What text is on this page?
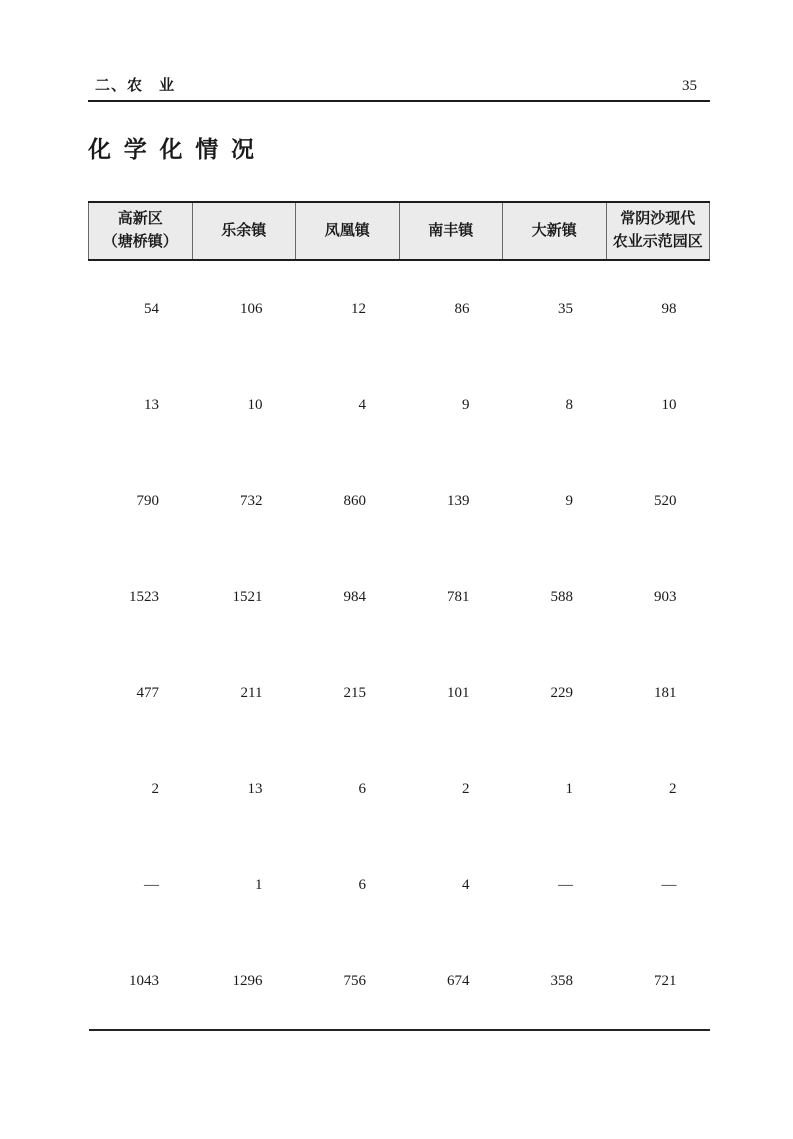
二、农　业	35
化 学 化 情 况
高新区
（塘桥镇）	乐余镇	凤凰镇	南丰镇	大新镇	常阴沙现代
农业示范园区

54	106	12	86	35	98
13	10	4	9	8	10
790	732	860	139	9	520
1523	1521	984	781	588	903
477	211	215	101	229	181
2	13	6	2	1	2
—	1	6	4	—	—
1043	1296	756	674	358	721
